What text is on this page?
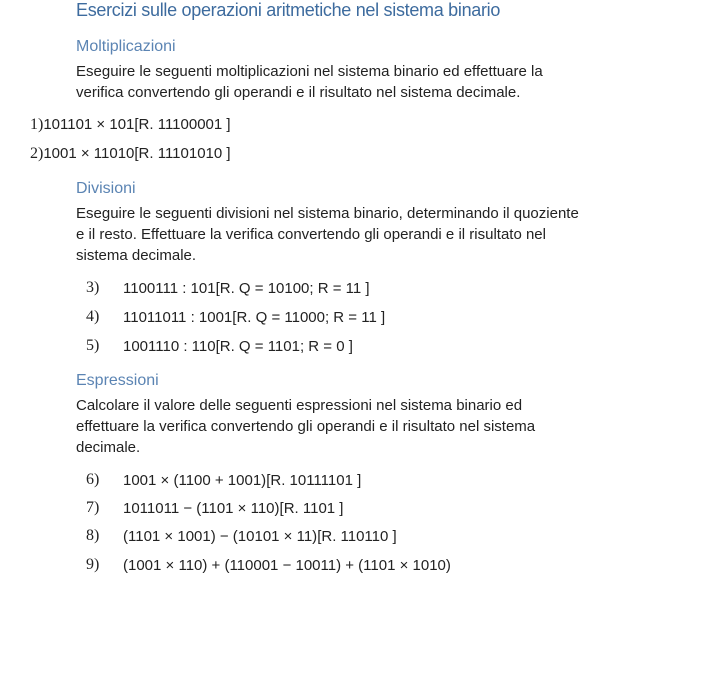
Esercizi sulle operazioni aritmetiche nel sistema binario
Moltiplicazioni
Eseguire le seguenti moltiplicazioni nel sistema binario ed effettuare la
verifica convertendo gli operandi e il risultato nel sistema decimale.
1)101101 × 101[R. 11100001 ]
2)1001 × 11010[R. 11101010 ]
Divisioni
Eseguire le seguenti divisioni nel sistema binario, determinando il quoziente
e il resto. Effettuare la verifica convertendo gli operandi e il risultato nel
sistema decimale.
3) 1100111 : 101[R. Q = 10100; R = 11 ]
4) 11011011 : 1001[R. Q = 11000; R = 11 ]
5) 1001110 : 110[R. Q = 1101; R = 0 ]
Espressioni
Calcolare il valore delle seguenti espressioni nel sistema binario ed
effettuare la verifica convertendo gli operandi e il risultato nel sistema
decimale.
6) 1001 × (1100 + 1001)[R. 10111101 ]
7) 1011011 − (1101 × 110)[R. 1101 ]
8) (1101 × 1001) − (10101 × 11)[R. 110110 ]
9) (1001 × 110) + (110001 − 10011) + (1101 × 1010)
